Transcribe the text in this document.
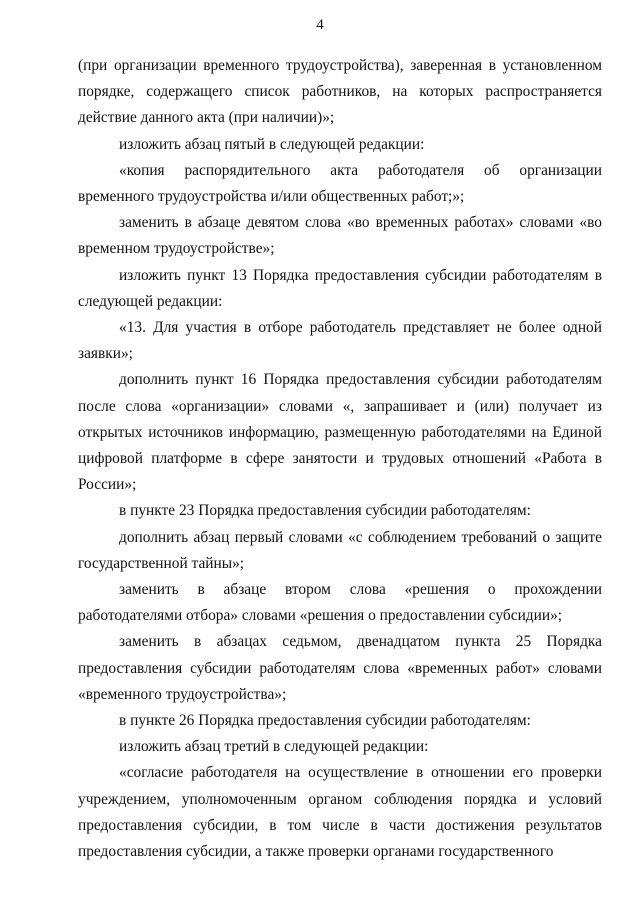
4

(при организации временного трудоустройства), заверенная в установленном порядке, содержащего список работников, на которых распространяется действие данного акта (при наличии)»;

изложить абзац пятый в следующей редакции:

«копия распорядительного акта работодателя об организации временного трудоустройства и/или общественных работ;»;

заменить в абзаце девятом слова «во временных работах» словами «во временном трудоустройстве»;

изложить пункт 13 Порядка предоставления субсидии работодателям в следующей редакции:

«13. Для участия в отборе работодатель представляет не более одной заявки»;

дополнить пункт 16 Порядка предоставления субсидии работодателям после слова «организации» словами «, запрашивает и (или) получает из открытых источников информацию, размещенную работодателями на Единой цифровой платформе в сфере занятости и трудовых отношений «Работа в России»;

в пункте 23 Порядка предоставления субсидии работодателям:

дополнить абзац первый словами «с соблюдением требований о защите государственной тайны»;

заменить в абзаце втором слова «решения о прохождении работодателями отбора» словами «решения о предоставлении субсидии»;

заменить в абзацах седьмом, двенадцатом пункта 25 Порядка предоставления субсидии работодателям слова «временных работ» словами «временного трудоустройства»;

в пункте 26 Порядка предоставления субсидии работодателям:

изложить абзац третий в следующей редакции:

«согласие работодателя на осуществление в отношении его проверки учреждением, уполномоченным органом соблюдения порядка и условий предоставления субсидии, в том числе в части достижения результатов предоставления субсидии, а также проверки органами государственного
